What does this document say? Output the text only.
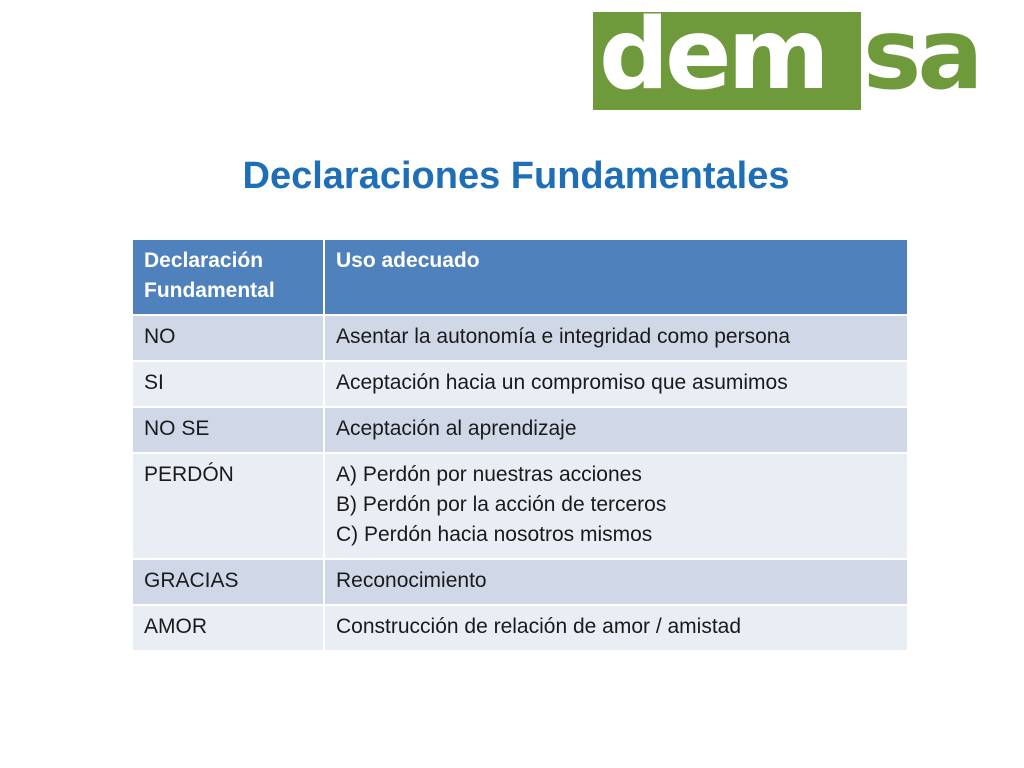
dem sa
Declaraciones Fundamentales
Declaración
Fundamental	Uso adecuado
NO	Asentar la autonomía e integridad como persona
SI	Aceptación hacia un compromiso que asumimos
NO SE	Aceptación al aprendizaje
PERDÓN	A) Perdón por nuestras acciones
B) Perdón por la acción de terceros
C) Perdón hacia nosotros mismos

GRACIAS	Reconocimiento
AMOR	Construcción de relación de amor / amistad
